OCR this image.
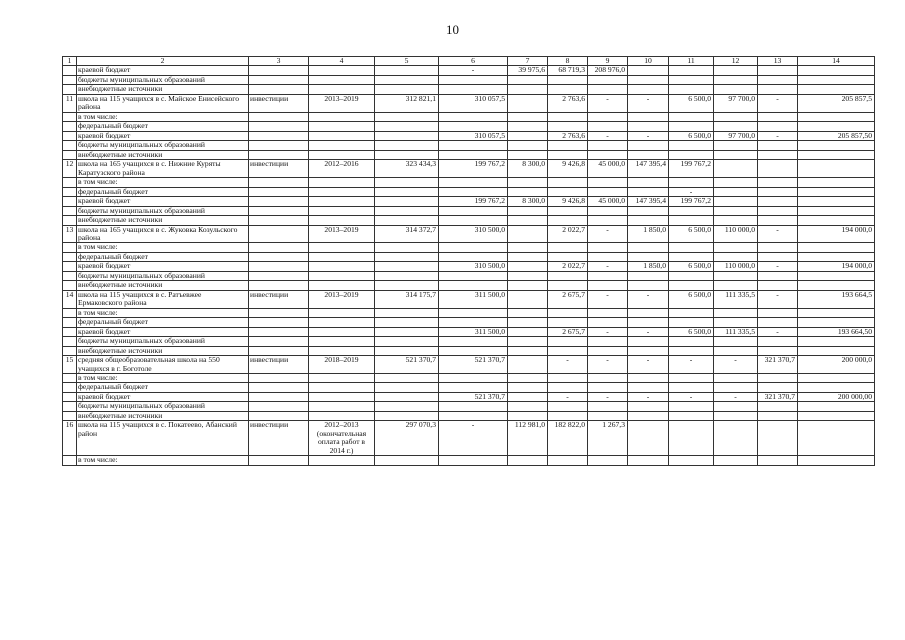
10
1	2	3	4	5	6	7	8	9	10	11	12	13	14
	краевой бюджет				-	39 975,6	68 719,3	208 976,0					
	бюджеты муниципальных образований												
	внебюджетные источники												
11	школа на 115 учащихся в с. Майское Енисейского района	инвестиции	2013–2019	312 821,1	310 057,5		2 763,6	-	-	6 500,0	97 700,0	-	205 857,5
	в том числе:												
	федеральный бюджет												
	краевой бюджет				310 057,5		2 763,6	-	-	6 500,0	97 700,0	-	205 857,50
	бюджеты муниципальных образований												
	внебюджетные источники												
12	школа на 165 учащихся в с. Нижние Куряты Каратузского района	инвестиции	2012–2016	323 434,3	199 767,2	8 300,0	9 426,8	45 000,0	147 395,4	199 767,2			
	в том числе:												
	федеральный бюджет									-			
	краевой бюджет				199 767,2	8 300,0	9 426,8	45 000,0	147 395,4	199 767,2			
	бюджеты муниципальных образований												
	внебюджетные источники												
13	школа на 165 учащихся в с. Жуковка Козульского района		2013–2019	314 372,7	310 500,0		2 022,7	-	1 850,0	6 500,0	110 000,0	-	194 000,0
	в том числе:												
	федеральный бюджет												
	краевой бюджет				310 500,0		2 022,7	-	1 850,0	6 500,0	110 000,0	-	194 000,0
	бюджеты муниципальных образований												
	внебюджетные источники												
14	школа на 115 учащихся в с. Ратъевжее Ермаковского района	инвестиции	2013–2019	314 175,7	311 500,0		2 675,7	-	-	6 500,0	111 335,5	-	193 664,5
	в том числе:												
	федеральный бюджет												
	краевой бюджет				311 500,0		2 675,7	-	-	6 500,0	111 335,5	-	193 664,50
	бюджеты муниципальных образований												
	внебюджетные источники												
15	средняя общеобразовательная школа на 550 учащихся в г. Боготоле	инвестиции	2018–2019	521 370,7	521 370,7		-	-	-	-	-	321 370,7	200 000,0
	в том числе:												
	федеральный бюджет												
	краевой бюджет				521 370,7		-	-	-	-	-	321 370,7	200 000,00
	бюджеты муниципальных образований												
	внебюджетные источники												
16	школа на 115 учащихся в с. Покатеево, Абанский район	инвестиции	2012–2013 (окончательная оплата работ в 2014 г.)	297 070,3	-	112 981,0	182 822,0	1 267,3					
	в том числе:												
